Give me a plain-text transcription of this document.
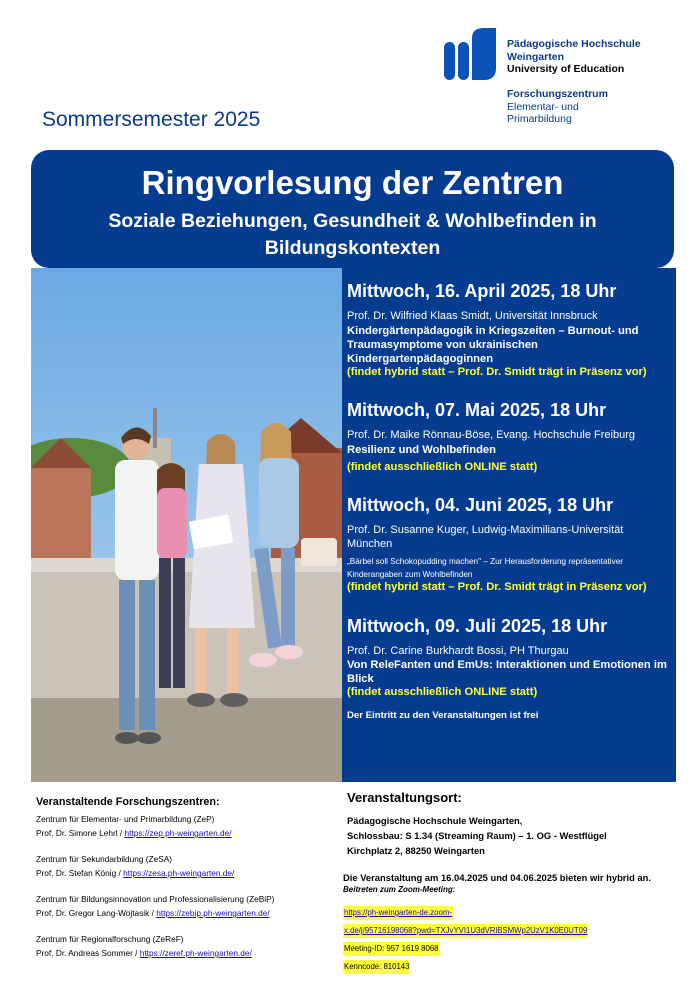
Pädagogische Hochschule
Weingarten
University of Education
Forschungszentrum
Elementar- und
Primarbildung
Sommersemester 2025
Ringvorlesung der Zentren
Soziale Beziehungen, Gesundheit & Wohlbefinden in Bildungskontexten
Mittwoch, 16. April 2025, 18 Uhr
Prof. Dr. Wilfried Klaas Smidt, Universität Innsbruck
Kindergärtenpädagogik in Kriegszeiten – Burnout- und Traumasymptome von ukrainischen Kindergartenpädagoginnen
(findet hybrid statt – Prof. Dr. Smidt trägt in Präsenz vor)
Mittwoch, 07. Mai 2025, 18 Uhr
Prof. Dr. Maike Rönnau-Böse, Evang. Hochschule Freiburg
Resilienz und Wohlbefinden
(findet ausschließlich ONLINE statt)
Mittwoch, 04. Juni 2025, 18 Uhr
Prof. Dr. Susanne Kuger, Ludwig-Maximilians-Universität München
„Bärbel soll Schokopudding machen" – Zur Herausforderung repräsentativer Kinderangaben zum Wohlbefinden
(findet hybrid statt – Prof. Dr. Smidt trägt in Präsenz vor)
Mittwoch, 09. Juli 2025, 18 Uhr
Prof. Dr. Carine Burkhardt Bossi, PH Thurgau
Von ReleFanten und EmUs: Interaktionen und Emotionen im Blick
(findet ausschließlich ONLINE statt)
Der Eintritt zu den Veranstaltungen ist frei
Veranstaltende Forschungszentren:
Zentrum für Elementar- und Primarbildung (ZeP)
Prof. Dr. Simone Lehrl / https://zep.ph-weingarten.de/
Zentrum für Sekundarbildung (ZeSA)
Prof. Dr. Stefan König / https://zesa.ph-weingarten.de/
Zentrum für Bildungsinnovation und Professionalisierung (ZeBiP)
Prof. Dr. Gregor Lang-Wojtasik / https://zebip.ph-weingarten.de/
Zentrum für Regionalforschung (ZeReF)
Prof. Dr. Andreas Sommer / https://zeref.ph-weingarten.de/
Veranstaltungsort:
Pädagogische Hochschule Weingarten,
Schlossbau: S 1.34 (Streaming Raum) – 1. OG - Westflügel
Kirchplatz 2, 88250 Weingarten
Die Veranstaltung am 16.04.2025 und 04.06.2025 bieten wir hybrid an.
Beitreten zum Zoom-Meeting:
https://ph-weingarten-de.zoom-
x.de/j/95716198068?pwd=TXJvYVI1U3dVRlBSMWp2UzV1K0E0UT09
Meeting-ID: 957 1619 8068
Kenncode: 810143
